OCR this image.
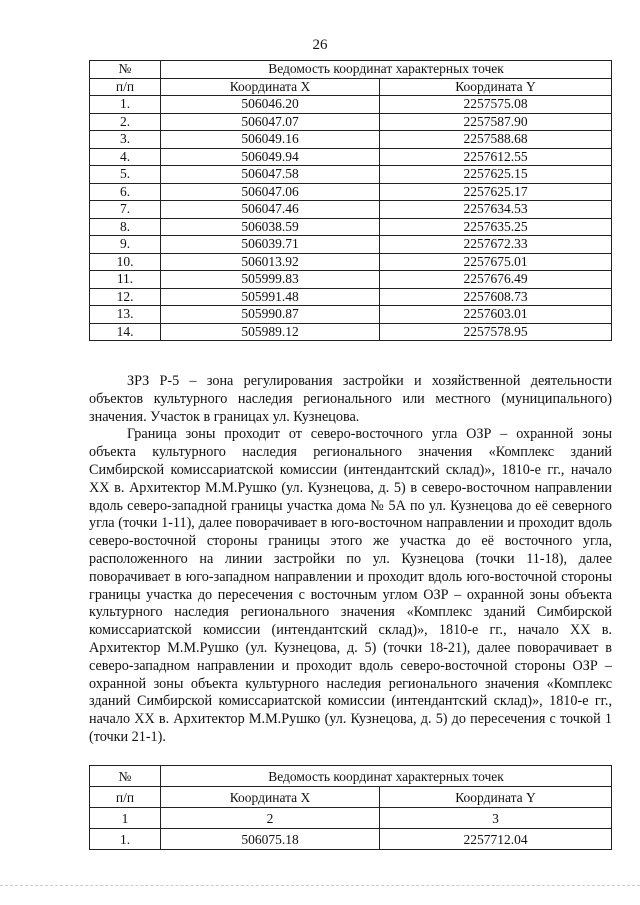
26
№	Ведомость координат характерных точек	
п/п	Координата X	Координата Y
1.	506046.20	2257575.08
2.	506047.07	2257587.90
3.	506049.16	2257588.68
4.	506049.94	2257612.55
5.	506047.58	2257625.15
6.	506047.06	2257625.17
7.	506047.46	2257634.53
8.	506038.59	2257635.25
9.	506039.71	2257672.33
10.	506013.92	2257675.01
11.	505999.83	2257676.49
12.	505991.48	2257608.73
13.	505990.87	2257603.01
14.	505989.12	2257578.95

ЗРЗ Р-5 – зона регулирования застройки и хозяйственной деятельности объектов культурного наследия регионального или местного (муниципального) значения. Участок в границах ул. Кузнецова.

Граница зоны проходит от северо-восточного угла ОЗР – охранной зоны объекта культурного наследия регионального значения «Комплекс зданий Симбирской комиссариатской комиссии (интендантский склад)», 1810-е гг., начало XX в. Архитектор М.М.Рушко (ул. Кузнецова, д. 5) в северо-восточном направлении вдоль северо-западной границы участка дома № 5А по ул. Кузнецова до её северного угла (точки 1-11), далее поворачивает в юго-восточном направлении и проходит вдоль северо-восточной стороны границы этого же участка до её восточного угла, расположенного на линии застройки по ул. Кузнецова (точки 11-18), далее поворачивает в юго-западном направлении и проходит вдоль юго-восточной стороны границы участка до пересечения с восточным углом ОЗР – охранной зоны объекта культурного наследия регионального значения «Комплекс зданий Симбирской комиссариатской комиссии (интендантский склад)», 1810-е гг., начало XX в. Архитектор М.М.Рушко (ул. Кузнецова, д. 5) (точки 18-21), далее поворачивает в северо-западном направлении и проходит вдоль северо-восточной стороны ОЗР – охранной зоны объекта культурного наследия регионального значения «Комплекс зданий Симбирской комиссариатской комиссии (интендантский склад)», 1810-е гг., начало XX в. Архитектор М.М.Рушко (ул. Кузнецова, д. 5) до пересечения с точкой 1 (точки 21-1).

№	Ведомость координат характерных точек	
п/п	Координата X	Координата Y
1	2	3
1.	506075.18	2257712.04
